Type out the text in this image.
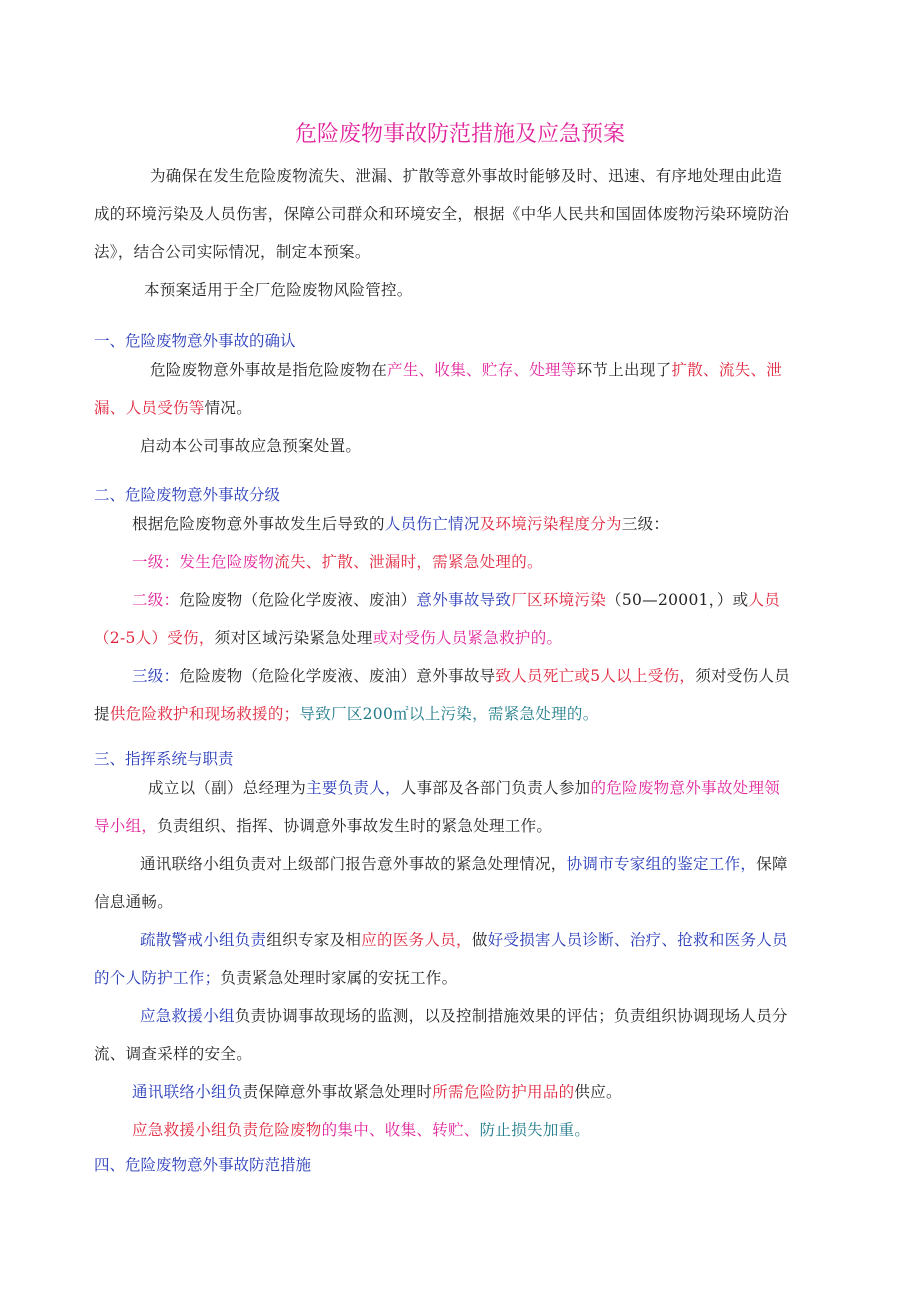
危险废物事故防范措施及应急预案
为确保在发生危险废物流失、泄漏、扩散等意外事故时能够及时、迅速、有序地处理由此造
成的环境污染及人员伤害，保障公司群众和环境安全，根据《中华人民共和国固体废物污染环境防治
法》，结合公司实际情况，制定本预案。
本预案适用于全厂危险废物风险管控。
一、危险废物意外事故的确认
危险废物意外事故是指危险废物在产生、收集、贮存、处理等环节上出现了扩散、流失、泄
漏、人员受伤等情况。
启动本公司事故应急预案处置。
二、危险废物意外事故分级
根据危险废物意外事故发生后导致的人员伤亡情况及环境污染程度分为三级：
一级：发生危险废物流失、扩散、泄漏时，需紧急处理的。
二级：危险废物（危险化学废液、废油）意外事故导致厂区环境污染（50—20001，）或人员
（2-5人）受伤，须对区域污染紧急处理或对受伤人员紧急救护的。
三级：危险废物（危险化学废液、废油）意外事故导致人员死亡或5人以上受伤，须对受伤人员
提供危险救护和现场救援的；导致厂区200㎡以上污染，需紧急处理的。
三、指挥系统与职责
成立以（副）总经理为主要负责人，人事部及各部门负责人参加的危险废物意外事故处理领
导小组，负责组织、指挥、协调意外事故发生时的紧急处理工作。
通讯联络小组负责对上级部门报告意外事故的紧急处理情况，协调市专家组的鉴定工作，保障
信息通畅。
疏散警戒小组负责组织专家及相应的医务人员，做好受损害人员诊断、治疗、抢救和医务人员
的个人防护工作；负责紧急处理时家属的安抚工作。
应急救援小组负责协调事故现场的监测，以及控制措施效果的评估；负责组织协调现场人员分
流、调查采样的安全。
通讯联络小组负责保障意外事故紧急处理时所需危险防护用品的供应。
应急救援小组负责危险废物的集中、收集、转贮、防止损失加重。
四、危险废物意外事故防范措施
